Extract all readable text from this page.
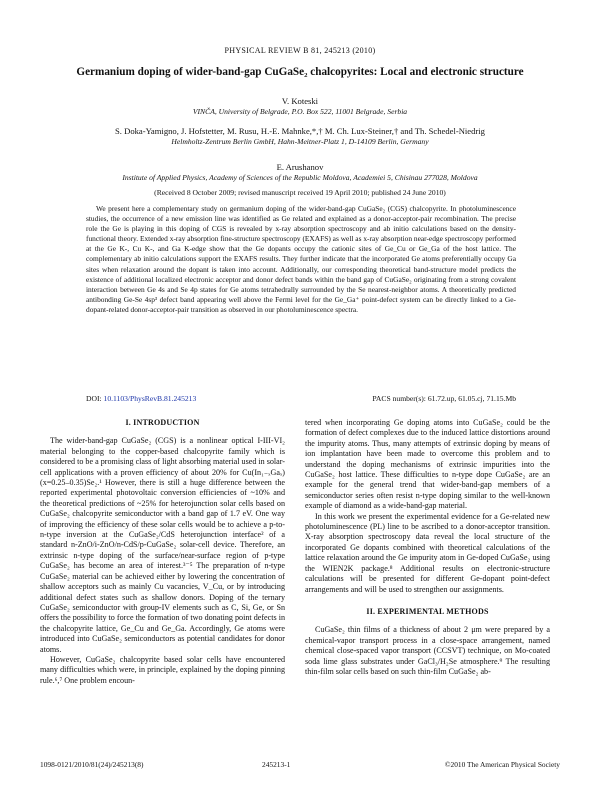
PHYSICAL REVIEW B 81, 245213 (2010)
Germanium doping of wider-band-gap CuGaSe₂ chalcopyrites: Local and electronic structure
V. Koteski
VINČA, University of Belgrade, P.O. Box 522, 11001 Belgrade, Serbia
S. Doka-Yamigno, J. Hofstetter, M. Rusu, H.-E. Mahnke,*,† M. Ch. Lux-Steiner,† and Th. Schedel-Niedrig
Helmholtz-Zentrum Berlin GmbH, Hahn-Meitner-Platz 1, D-14109 Berlin, Germany
E. Arushanov
Institute of Applied Physics, Academy of Sciences of the Republic Moldova, Academiei 5, Chisinau 277028, Moldova
(Received 8 October 2009; revised manuscript received 19 April 2010; published 24 June 2010)

We present here a complementary study on germanium doping of the wider-band-gap CuGaSe₂ (CGS) chalcopyrite. In photoluminescence studies, the occurrence of a new emission line was identified as Ge related and explained as a donor-acceptor-pair recombination. The precise role the Ge is playing in this doping of CGS is revealed by x-ray absorption spectroscopy and ab initio calculations based on the density-functional theory. Extended x-ray absorption fine-structure spectroscopy (EXAFS) as well as x-ray absorption near-edge spectroscopy performed at the Ge K-, Cu K-, and Ga K-edge show that the Ge dopants occupy the cationic sites of Ge_Cu or Ge_Ga of the host lattice. The complementary ab initio calculations support the EXAFS results. They further indicate that the incorporated Ge atoms preferentially occupy Ga sites when relaxation around the dopant is taken into account. Additionally, our corresponding theoretical band-structure model predicts the existence of additional localized electronic acceptor and donor defect bands within the band gap of CuGaSe₂ originating from a strong covalent interaction between Ge 4s and Se 4p states for Ge atoms tetrahedrally surrounded by the Se nearest-neighbor atoms. A theoretically predicted antibonding Ge-Se 4sp³ defect band appearing well above the Fermi level for the Ge_Ga⁺ point-defect system can be directly linked to a Ge-dopant-related donor-acceptor-pair transition as observed in our photoluminescence spectra.

DOI: 10.1103/PhysRevB.81.245213	PACS number(s): 61.72.up, 61.05.cj, 71.15.Mb
I. INTRODUCTION

The wider-band-gap CuGaSe₂ (CGS) is a nonlinear optical I-III-VI₂ material belonging to the copper-based chalcopyrite family which is considered to be a promising class of light absorbing material used in solar-cell applications with a proven efficiency of about 20% for Cu(In₁₋ₓGaₓ)(x=0.25–0.35)Se₂.¹ However, there is still a huge difference between the reported experimental photovoltaic conversion efficiencies of ~10% and the theoretical predictions of ~25% for heterojunction solar cells based on CuGaSe₂ chalcopyrite semiconductor with a band gap of 1.7 eV. One way of improving the efficiency of these solar cells would be to achieve a p-to-n-type inversion at the CuGaSe₂/CdS heterojunction interface² of a standard n-ZnO/i-ZnO/n-CdS/p-CuGaSe₂ solar-cell device. Therefore, an extrinsic n-type doping of the surface/near-surface region of p-type CuGaSe₂ has become an area of interest.³⁻⁵ The preparation of n-type CuGaSe₂ material can be achieved either by lowering the concentration of shallow acceptors such as mainly Cu vacancies, V_Cu, or by introducing additional defect states such as shallow donors. Doping of the ternary CuGaSe₂ semiconductor with group-IV elements such as C, Si, Ge, or Sn offers the possibility to force the formation of two donating point defects in the chalcopyrite lattice, Ge_Cu and Ge_Ga. Accordingly, Ge atoms were introduced into CuGaSe₂ semiconductors as potential candidates for donor atoms.

However, CuGaSe₂ chalcopyrite based solar cells have encountered many difficulties which were, in principle, explained by the doping pinning rule.⁶,⁷ One problem encoun-

tered when incorporating Ge doping atoms into CuGaSe₂ could be the formation of defect complexes due to the induced lattice distortions around the impurity atoms. Thus, many attempts of extrinsic doping by means of ion implantation have been made to overcome this problem and to understand the doping mechanisms of extrinsic impurities into the CuGaSe₂ host lattice. These difficulties to n-type dope CuGaSe₂ are an example for the general trend that wider-band-gap members of a semiconductor series often resist n-type doping similar to the well-known example of diamond as a wide-band-gap material.

In this work we present the experimental evidence for a Ge-related new photoluminescence (PL) line to be ascribed to a donor-acceptor transition. X-ray absorption spectroscopy data reveal the local structure of the incorporated Ge dopants combined with theoretical calculations of the lattice relaxation around the Ge impurity atom in Ge-doped CuGaSe₂ using the WIEN2K package.⁸ Additional results on electronic-structure calculations will be presented for different Ge-dopant point-defect arrangements and will be used to strengthen our assignments.

II. EXPERIMENTAL METHODS

CuGaSe₂ thin films of a thickness of about 2 μm were prepared by a chemical-vapor transport process in a close-space arrangement, named chemical close-spaced vapor transport (CCSVT) technique, on Mo-coated soda lime glass substrates under GaCl₃/H₂Se atmosphere.⁹ The resulting thin-film solar cells based on such thin-film CuGaSe₂ ab-

1098-0121/2010/81(24)/245213(8)	245213-1	©2010 The American Physical Society
